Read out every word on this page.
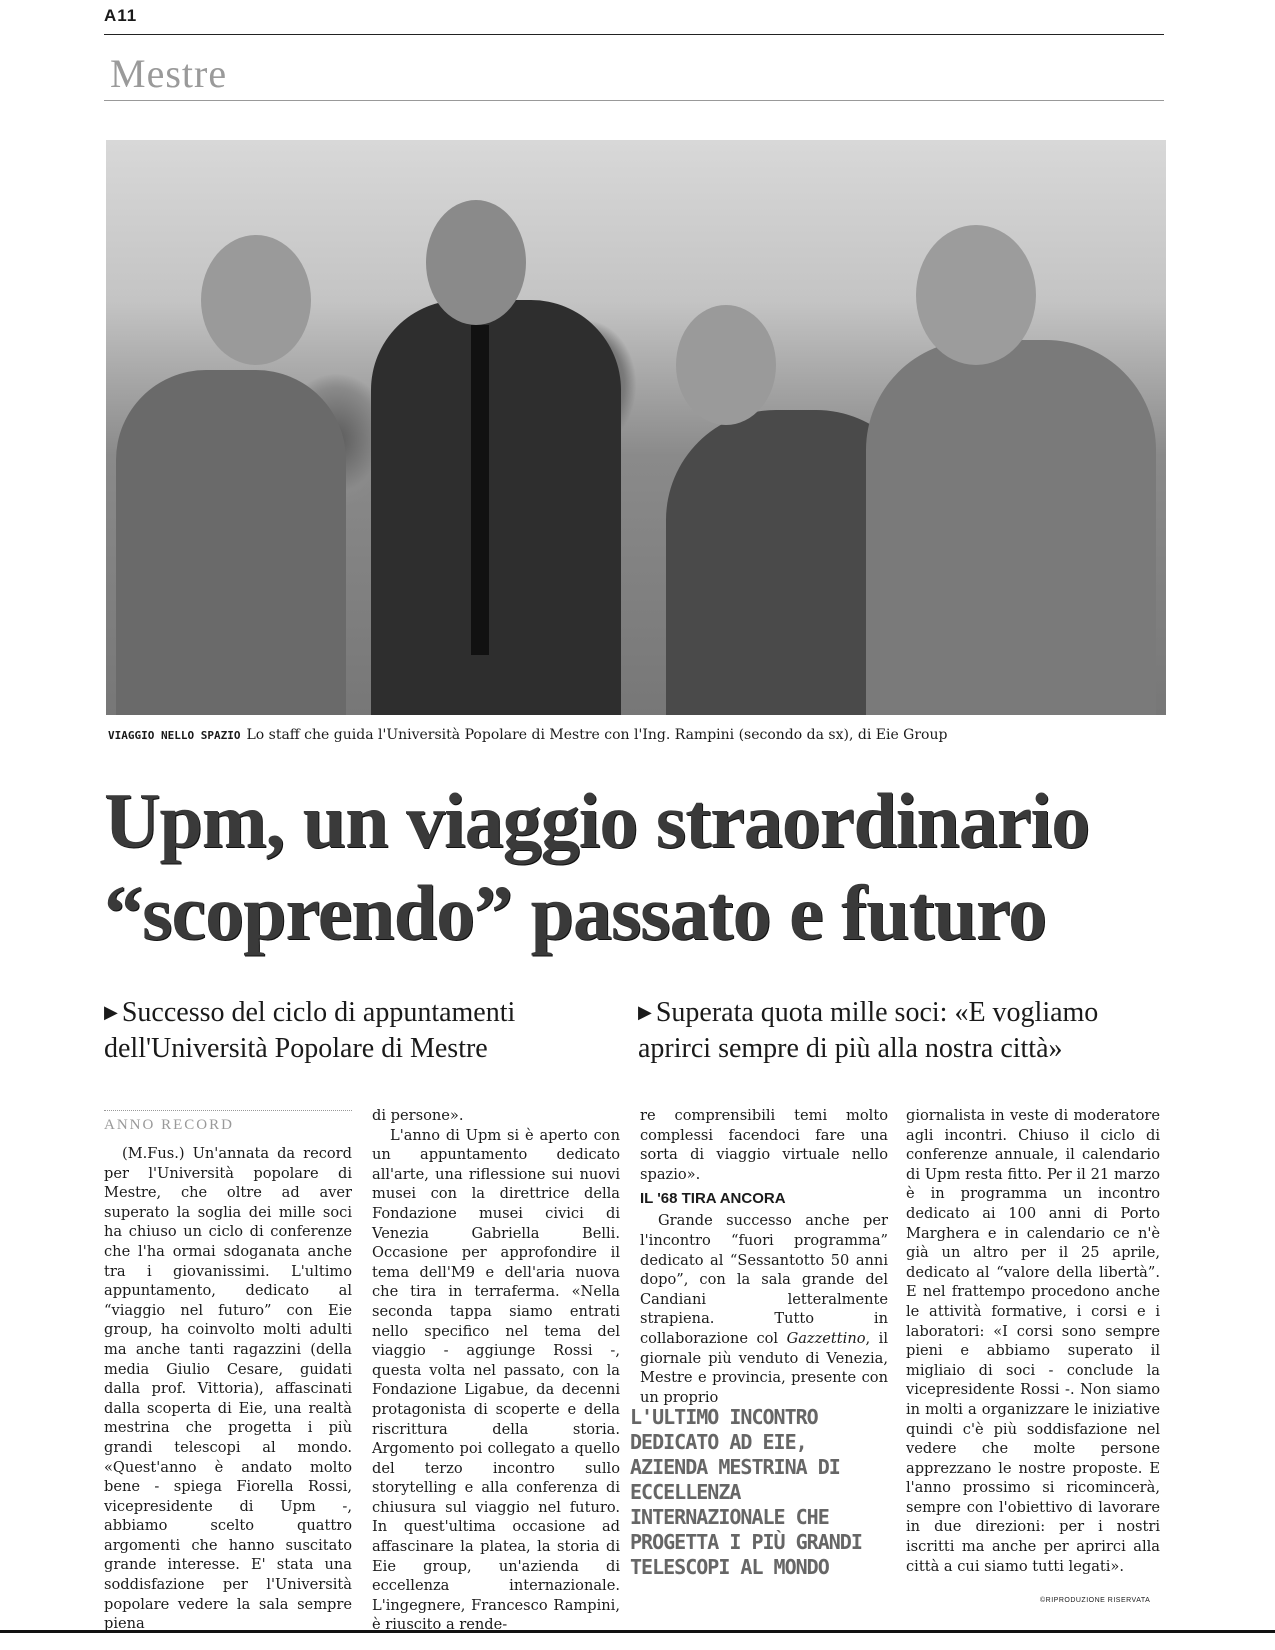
A11
Mestre
VIAGGIO NELLO SPAZIO Lo staff che guida l'Università Popolare di Mestre con l'Ing. Rampini (secondo da sx), di Eie Group
Upm, un viaggio straordinario
“scoprendo” passato e futuro
▶ Successo del ciclo di appuntamenti dell'Università Popolare di Mestre
▶ Superata quota mille soci: «E vogliamo aprirci sempre di più alla nostra città»
ANNO RECORD

(M.Fus.) Un'annata da record per l'Università popolare di Mestre, che oltre ad aver superato la soglia dei mille soci ha chiuso un ciclo di conferenze che l'ha ormai sdoganata anche tra i giovanissimi. L'ultimo appuntamento, dedicato al “viaggio nel futuro” con Eie group, ha coinvolto molti adulti ma anche tanti ragazzini (della media Giulio Cesare, guidati dalla prof. Vittoria), affascinati dalla scoperta di Eie, una realtà mestrina che progetta i più grandi telescopi al mondo. «Quest'anno è andato molto bene - spiega Fiorella Rossi, vicepresidente di Upm -, abbiamo scelto quattro argomenti che hanno suscitato grande interesse. E' stata una soddisfazione per l'Università popolare vedere la sala sempre piena

di persone».

L'anno di Upm si è aperto con un appuntamento dedicato all'arte, una riflessione sui nuovi musei con la direttrice della Fondazione musei civici di Venezia Gabriella Belli. Occasione per approfondire il tema dell'M9 e dell'aria nuova che tira in terraferma. «Nella seconda tappa siamo entrati nello specifico nel tema del viaggio - aggiunge Rossi -, questa volta nel passato, con la Fondazione Ligabue, da decenni protagonista di scoperte e della riscrittura della storia. Argomento poi collegato a quello del terzo incontro sullo storytelling e alla conferenza di chiusura sul viaggio nel futuro. In quest'ultima occasione ad affascinare la platea, la storia di Eie group, un'azienda di eccellenza internazionale. L'ingegnere, Francesco Rampini, è riuscito a rende-

re comprensibili temi molto complessi facendoci fare una sorta di viaggio virtuale nello spazio».

IL '68 TIRA ANCORA

Grande successo anche per l'incontro “fuori programma” dedicato al “Sessantotto 50 anni dopo”, con la sala grande del Candiani letteralmente strapiena. Tutto in collaborazione col Gazzettino, il giornale più venduto di Venezia, Mestre e provincia, presente con un proprio

L'ULTIMO INCONTRO DEDICATO AD EIE, AZIENDA MESTRINA DI ECCELLENZA INTERNAZIONALE CHE PROGETTA I PIÙ GRANDI TELESCOPI AL MONDO

giornalista in veste di moderatore agli incontri. Chiuso il ciclo di conferenze annuale, il calendario di Upm resta fitto. Per il 21 marzo è in programma un incontro dedicato ai 100 anni di Porto Marghera e in calendario ce n'è già un altro per il 25 aprile, dedicato al “valore della libertà”. E nel frattempo procedono anche le attività formative, i corsi e i laboratori: «I corsi sono sempre pieni e abbiamo superato il migliaio di soci - conclude la vicepresidente Rossi -. Non siamo in molti a organizzare le iniziative quindi c'è più soddisfazione nel vedere che molte persone apprezzano le nostre proposte. E l'anno prossimo si ricomincerà, sempre con l'obiettivo di lavorare in due direzioni: per i nostri iscritti ma anche per aprirci alla città a cui siamo tutti legati».

©RIPRODUZIONE RISERVATA
